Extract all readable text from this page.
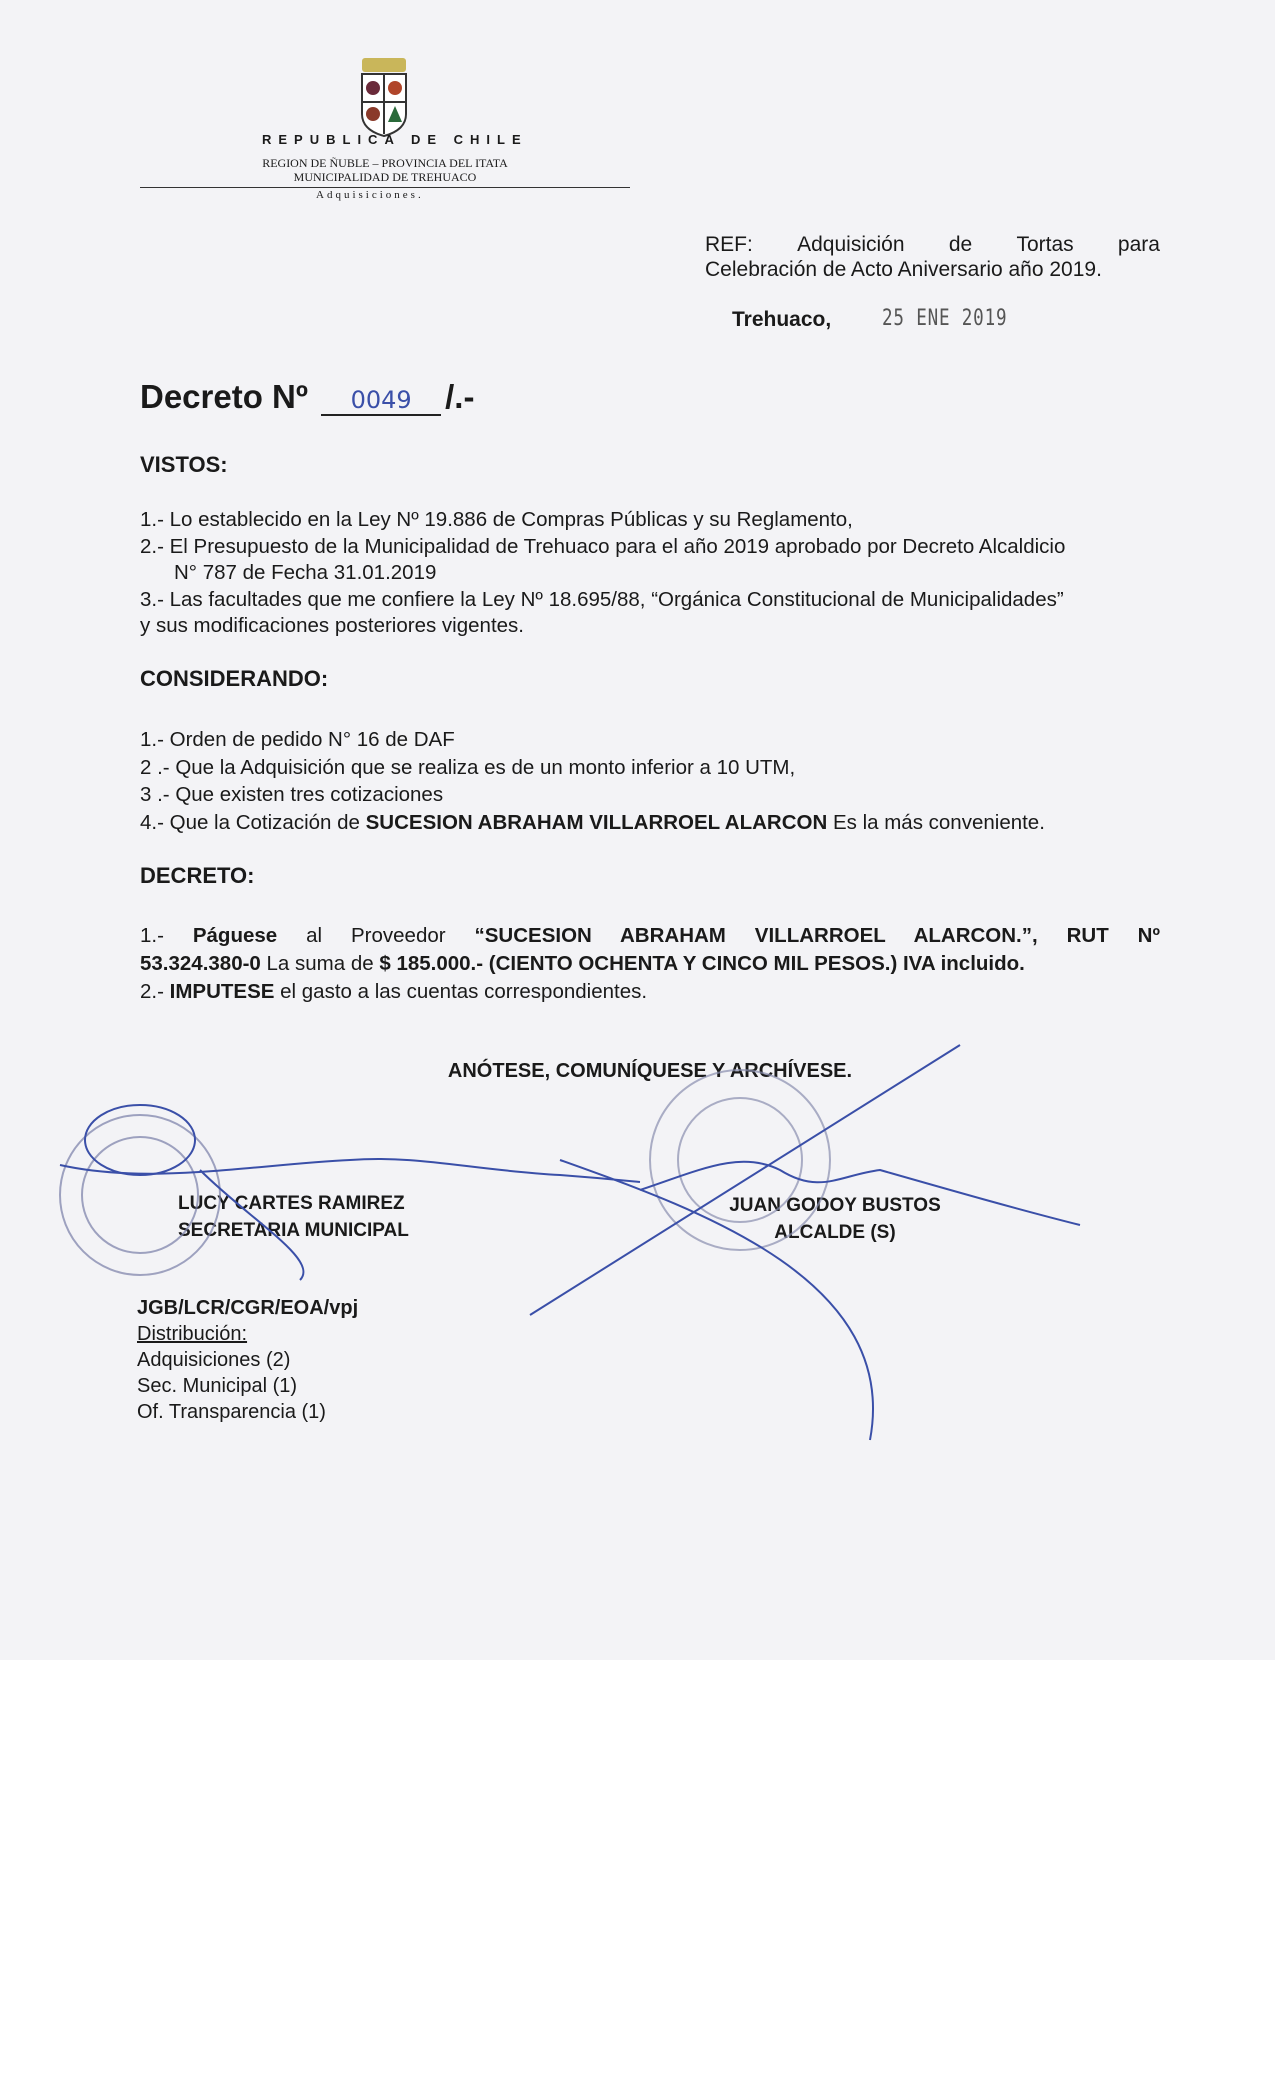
REPUBLICA DE CHILE
REGION DE ÑUBLE – PROVINCIA DEL ITATA
MUNICIPALIDAD DE TREHUACO
Adquisiciones.
REF: Adquisición de Tortas para
Celebración de Acto Aniversario año 2019.
Trehuaco, 25 ENE 2019
Decreto Nº 0049 /.-
VISTOS:
1.- Lo establecido en la Ley Nº 19.886 de Compras Públicas y su Reglamento,
2.- El Presupuesto de la Municipalidad de Trehuaco para el año 2019 aprobado por Decreto Alcaldicio
N° 787 de Fecha 31.01.2019
3.- Las facultades que me confiere la Ley Nº 18.695/88, “Orgánica Constitucional de Municipalidades”
y sus modificaciones posteriores vigentes.
CONSIDERANDO:
1.- Orden de pedido N° 16 de DAF
2 .- Que la Adquisición que se realiza es de un monto inferior a 10 UTM,
3 .- Que existen tres cotizaciones
4.- Que la Cotización de SUCESION ABRAHAM VILLARROEL ALARCON Es la más conveniente.
DECRETO:
1.- Páguese al Proveedor “SUCESION ABRAHAM VILLARROEL ALARCON.”, RUT Nº
53.324.380-0 La suma de $ 185.000.- (CIENTO OCHENTA Y CINCO MIL PESOS.) IVA incluido.
2.- IMPUTESE el gasto a las cuentas correspondientes.
ANÓTESE, COMUNÍQUESE Y ARCHÍVESE.
LUCY CARTES RAMIREZ
SECRETARIA MUNICIPAL
JUAN GODOY BUSTOS
ALCALDE (S)
JGB/LCR/CGR/EOA/vpj
Distribución:
Adquisiciones (2)
Sec. Municipal (1)
Of. Transparencia (1)
